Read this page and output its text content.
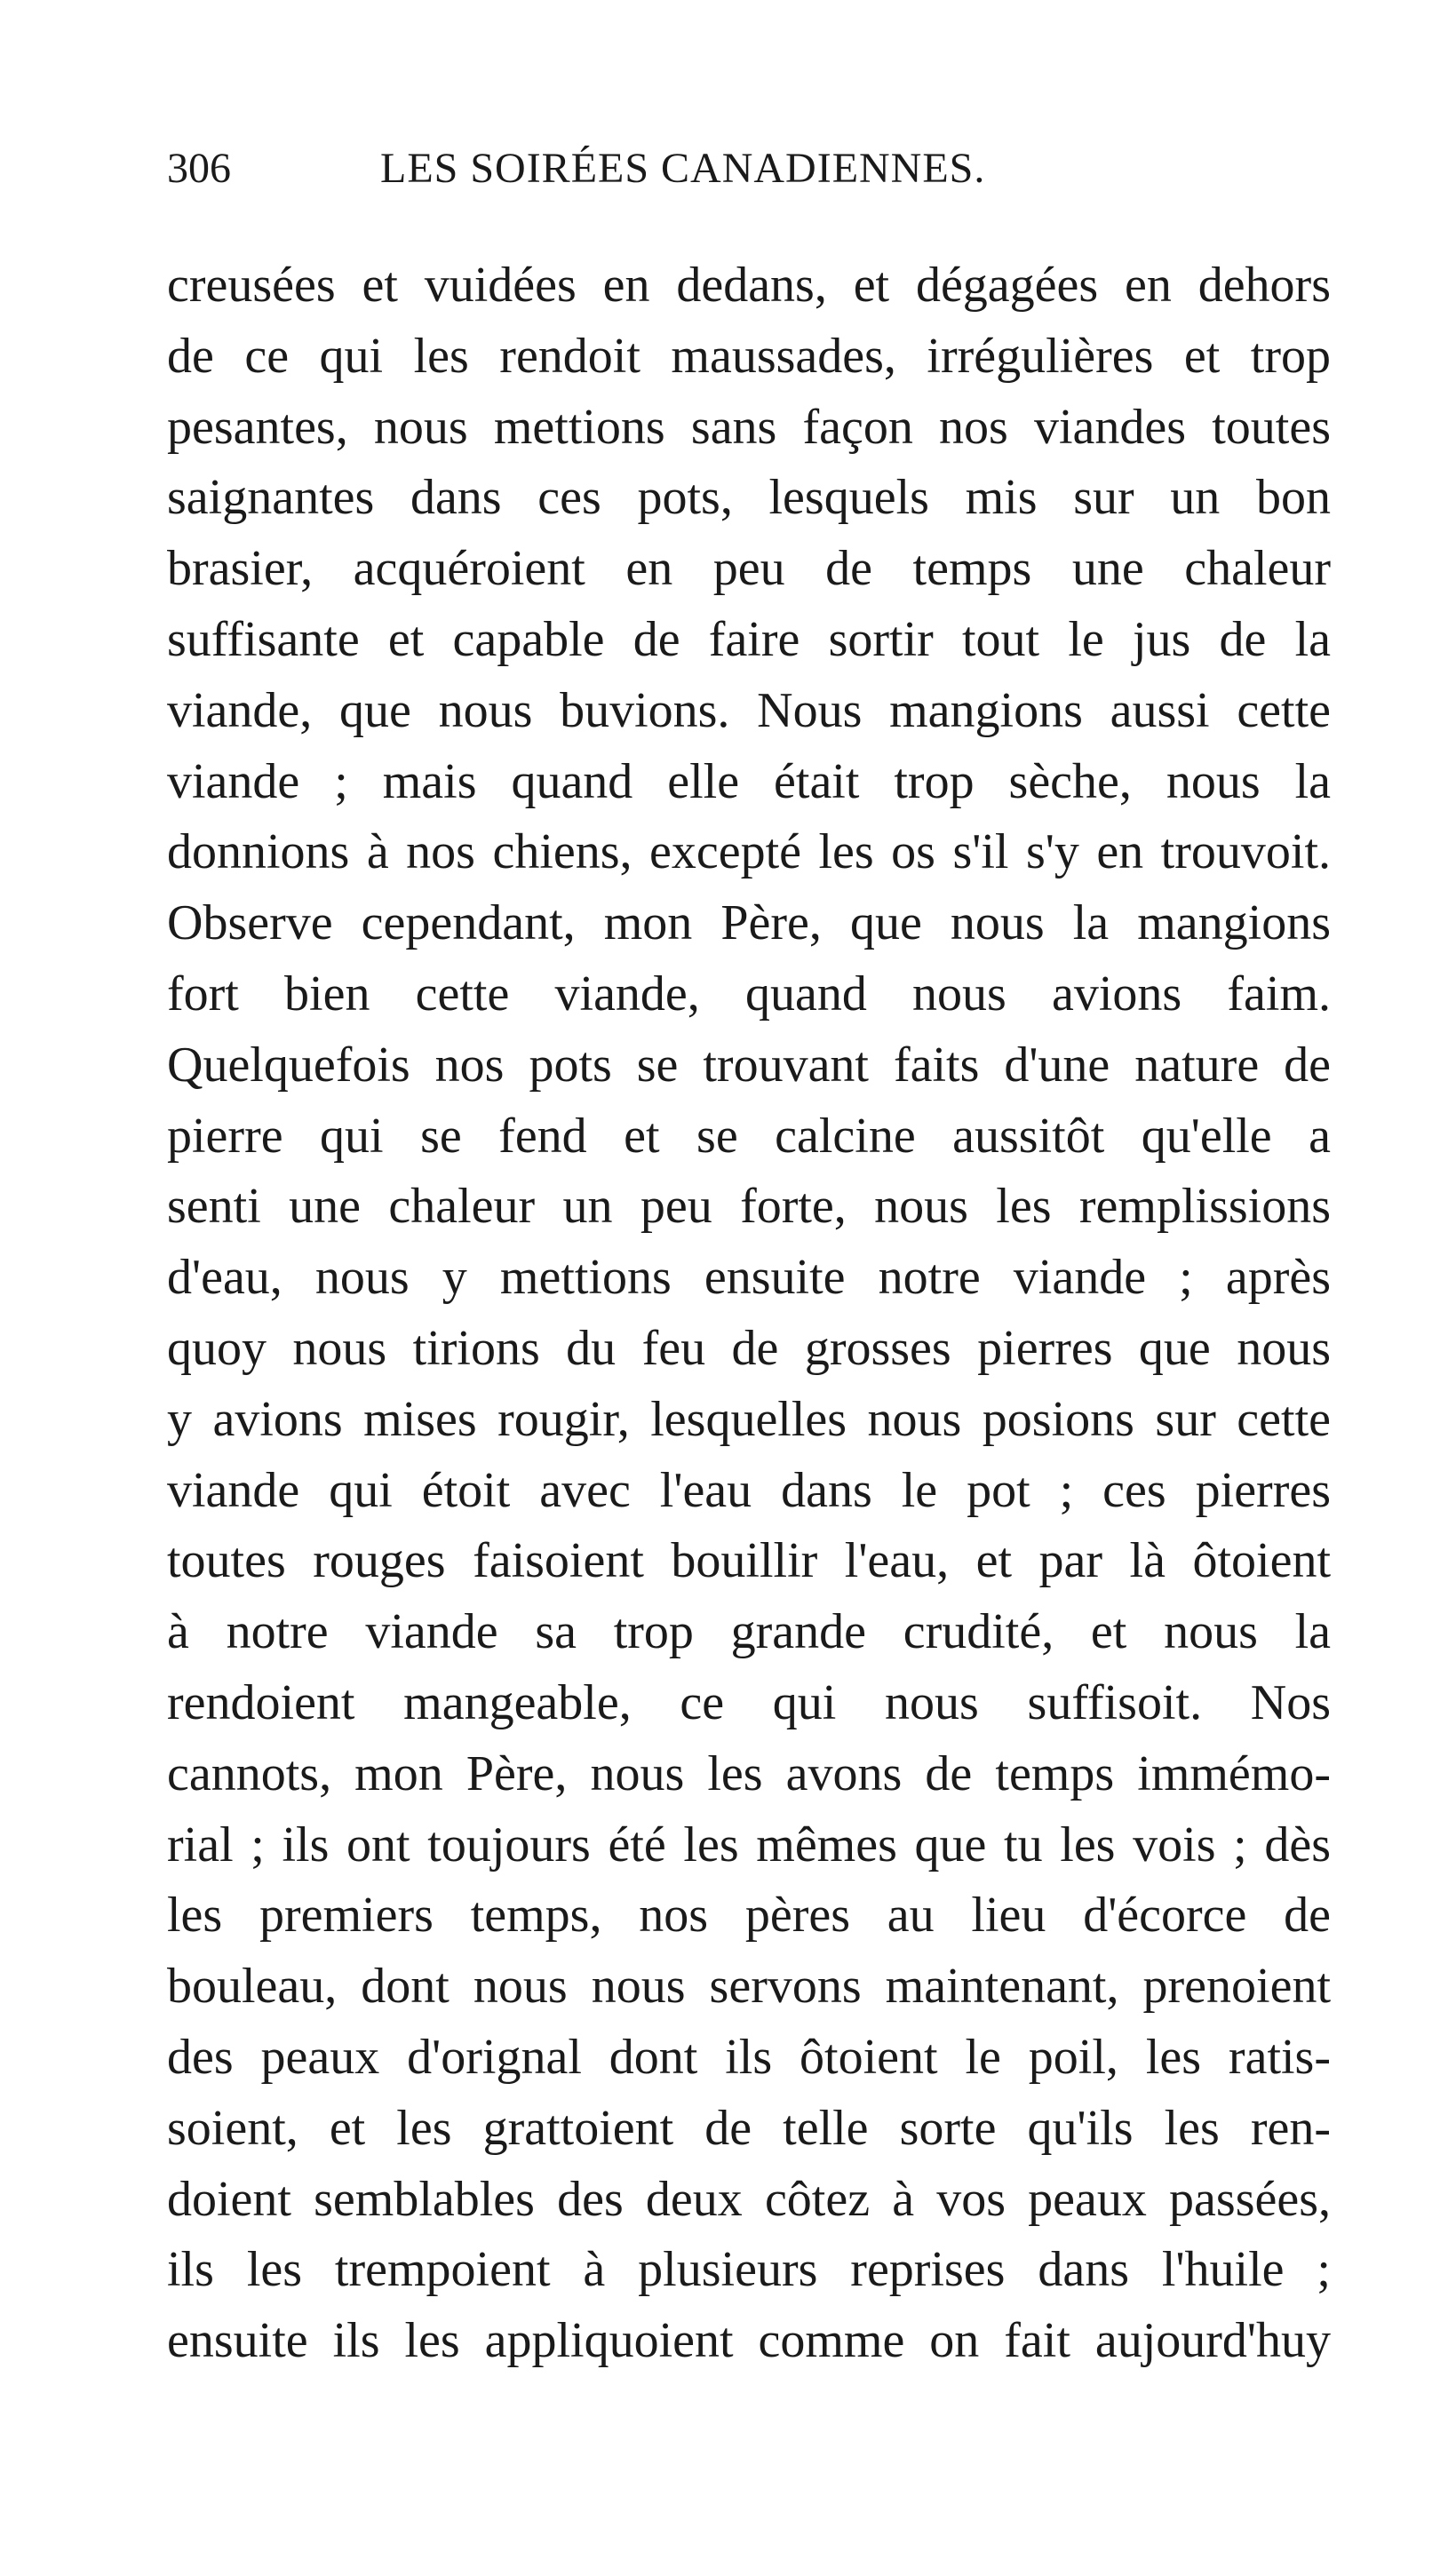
306	LES SOIRÉES CANADIENNES.
creusées et vuidées en dedans, et dégagées en dehors
de ce qui les rendoit maussades, irrégulières et trop
pesantes, nous mettions sans façon nos viandes toutes
saignantes dans ces pots, lesquels mis sur un bon
brasier, acquéroient en peu de temps une chaleur
suffisante et capable de faire sortir tout le jus de la
viande, que nous buvions. Nous mangions aussi cette
viande ; mais quand elle était trop sèche, nous la
donnions à nos chiens, excepté les os s'il s'y en trouvoit.
Observe cependant, mon Père, que nous la mangions
fort bien cette viande, quand nous avions faim.
Quelquefois nos pots se trouvant faits d'une nature de
pierre qui se fend et se calcine aussitôt qu'elle a
senti une chaleur un peu forte, nous les remplissions
d'eau, nous y mettions ensuite notre viande ; après
quoy nous tirions du feu de grosses pierres que nous
y avions mises rougir, lesquelles nous posions sur cette
viande qui étoit avec l'eau dans le pot ; ces pierres
toutes rouges faisoient bouillir l'eau, et par là ôtoient
à notre viande sa trop grande crudité, et nous la
rendoient mangeable, ce qui nous suffisoit. Nos
cannots, mon Père, nous les avons de temps immémo-
rial ; ils ont toujours été les mêmes que tu les vois ; dès
les premiers temps, nos pères au lieu d'écorce de
bouleau, dont nous nous servons maintenant, prenoient
des peaux d'orignal dont ils ôtoient le poil, les ratis-
soient, et les grattoient de telle sorte qu'ils les ren-
doient semblables des deux côtez à vos peaux passées,
ils les trempoient à plusieurs reprises dans l'huile ;
ensuite ils les appliquoient comme on fait aujourd'huy
